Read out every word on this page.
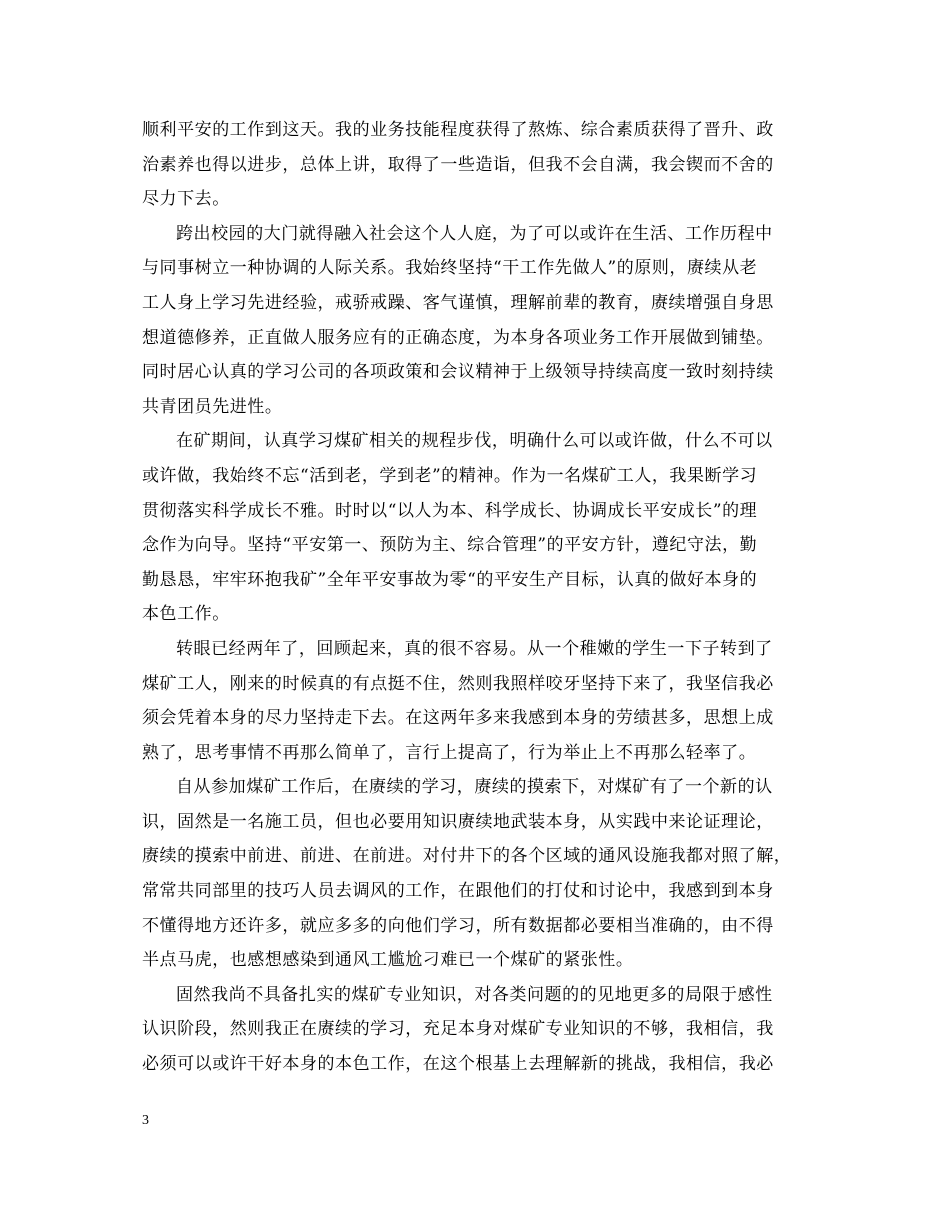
顺利平安的工作到这天。我的业务技能程度获得了熬炼、综合素质获得了晋升、政
治素养也得以进步，总体上讲，取得了一些造诣，但我不会自满，我会锲而不舍的
尽力下去。
跨出校园的大门就得融入社会这个人人庭，为了可以或许在生活、工作历程中
与同事树立一种协调的人际关系。我始终坚持“干工作先做人”的原则，赓续从老
工人身上学习先进经验，戒骄戒躁、客气谨慎，理解前辈的教育，赓续增强自身思
想道德修养，正直做人服务应有的正确态度，为本身各项业务工作开展做到铺垫。
同时居心认真的学习公司的各项政策和会议精神于上级领导持续高度一致时刻持续
共青团员先进性。
在矿期间，认真学习煤矿相关的规程步伐，明确什么可以或许做，什么不可以
或许做，我始终不忘“活到老，学到老”的精神。作为一名煤矿工人，我果断学习
贯彻落实科学成长不雅。时时以“以人为本、科学成长、协调成长平安成长”的理
念作为向导。坚持“平安第一、预防为主、综合管理”的平安方针，遵纪守法，勤
勤恳恳，牢牢环抱我矿”全年平安事故为零“的平安生产目标，认真的做好本身的
本色工作。
转眼已经两年了，回顾起来，真的很不容易。从一个稚嫩的学生一下子转到了
煤矿工人，刚来的时候真的有点挺不住，然则我照样咬牙坚持下来了，我坚信我必
须会凭着本身的尽力坚持走下去。在这两年多来我感到本身的劳绩甚多，思想上成
熟了，思考事情不再那么简单了，言行上提高了，行为举止上不再那么轻率了。
自从参加煤矿工作后，在赓续的学习，赓续的摸索下，对煤矿有了一个新的认
识，固然是一名施工员，但也必要用知识赓续地武装本身，从实践中来论证理论，
赓续的摸索中前进、前进、在前进。对付井下的各个区域的通风设施我都对照了解，
常常共同部里的技巧人员去调风的工作，在跟他们的打仗和讨论中，我感到到本身
不懂得地方还许多，就应多多的向他们学习，所有数据都必要相当准确的，由不得
半点马虎，也感想感染到通风工尴尬刁难已一个煤矿的紧张性。
固然我尚不具备扎实的煤矿专业知识，对各类问题的的见地更多的局限于感性
认识阶段，然则我正在赓续的学习，充足本身对煤矿专业知识的不够，我相信，我
必须可以或许干好本身的本色工作，在这个根基上去理解新的挑战，我相信，我必
3
